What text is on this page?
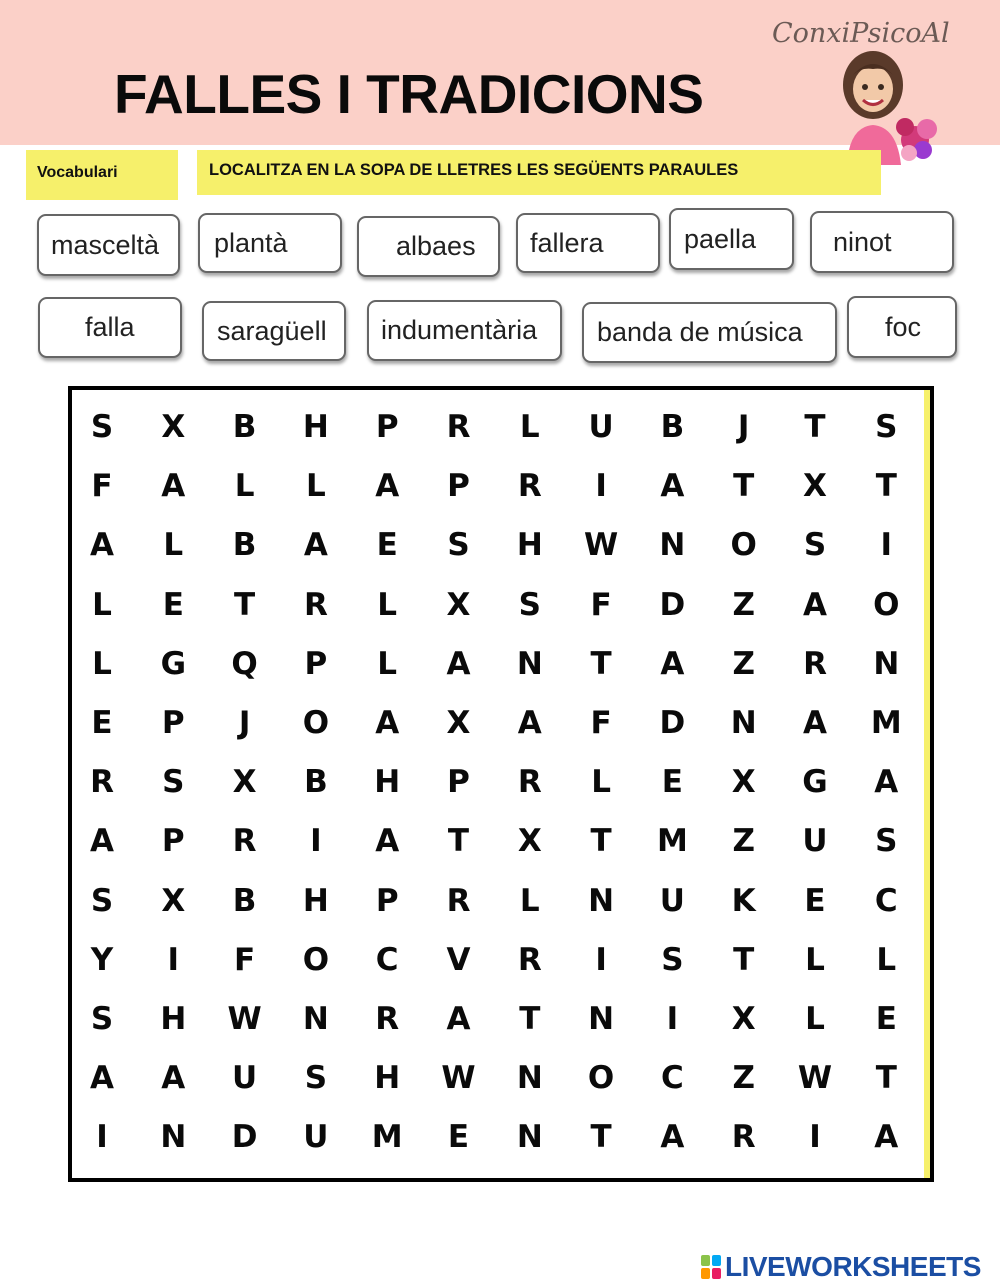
FALLES I TRADICIONS
ConxiPsicoAl
Vocabulari	LOCALITZA EN LA SOPA DE LLETRES LES SEGÜENTS PARAULES
masceltà	plantà	albaes	fallera	paella	ninot
falla	saragüell	indumentària	banda de música	foc
S	X	B	H	P	R	L	U	B	J	T	S
F	A	L	L	A	P	R	I	A	T	X	T
A	L	B	A	E	S	H	W	N	O	S	I
L	E	T	R	L	X	S	F	D	Z	A	O
L	G	Q	P	L	A	N	T	A	Z	R	N
E	P	J	O	A	X	A	F	D	N	A	M
R	S	X	B	H	P	R	L	E	X	G	A
A	P	R	I	A	T	X	T	M	Z	U	S
S	X	B	H	P	R	L	N	U	K	E	C
Y	I	F	O	C	V	R	I	S	T	L	L
S	H	W	N	R	A	T	N	I	X	L	E
A	A	U	S	H	W	N	O	C	Z	W	T
I	N	D	U	M	E	N	T	A	R	I	A
LIVEWORKSHEETS
